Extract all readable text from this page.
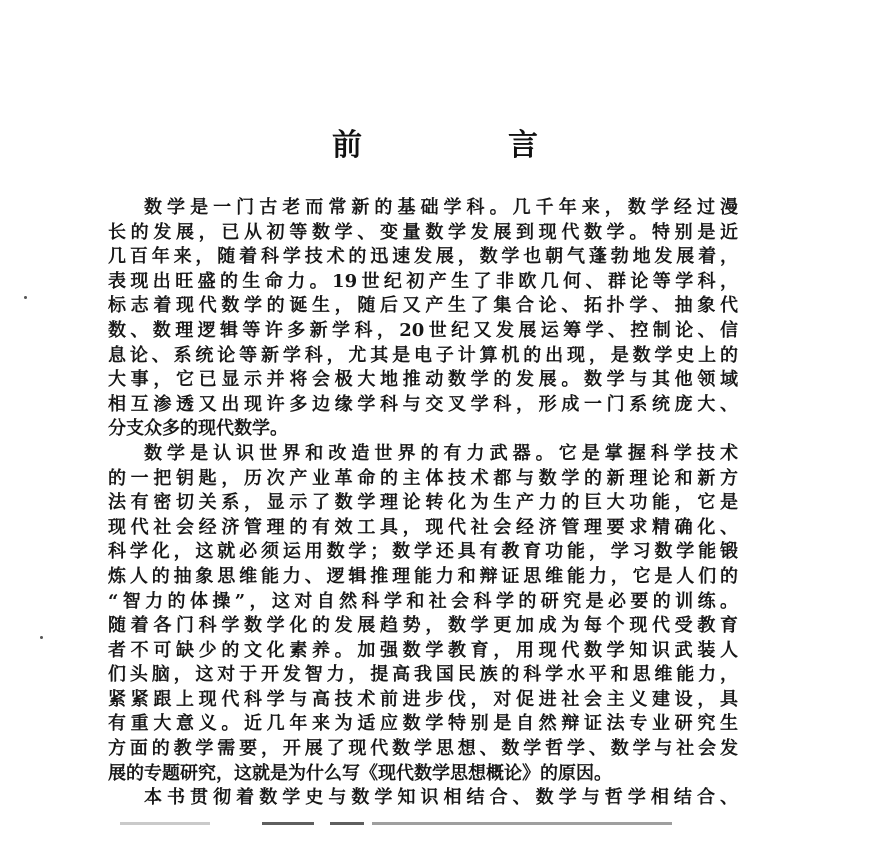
前　言
数学是一门古老而常新的基础学科。几千年来，数学经过漫
长的发展，已从初等数学、变量数学发展到现代数学。特别是近
几百年来，随着科学技术的迅速发展，数学也朝气蓬勃地发展着，
表现出旺盛的生命力。19世纪初产生了非欧几何、群论等学科，
标志着现代数学的诞生，随后又产生了集合论、拓扑学、抽象代
数、数理逻辑等许多新学科，20世纪又发展运筹学、控制论、信
息论、系统论等新学科，尤其是电子计算机的出现，是数学史上的
大事，它已显示并将会极大地推动数学的发展。数学与其他领域
相互渗透又出现许多边缘学科与交叉学科，形成一门系统庞大、
分支众多的现代数学。
数学是认识世界和改造世界的有力武器。它是掌握科学技术
的一把钥匙，历次产业革命的主体技术都与数学的新理论和新方
法有密切关系，显示了数学理论转化为生产力的巨大功能，它是
现代社会经济管理的有效工具，现代社会经济管理要求精确化、
科学化，这就必须运用数学；数学还具有教育功能，学习数学能锻
炼人的抽象思维能力、逻辑推理能力和辩证思维能力，它是人们的
“智力的体操”，这对自然科学和社会科学的研究是必要的训练。
随着各门科学数学化的发展趋势，数学更加成为每个现代受教育
者不可缺少的文化素养。加强数学教育，用现代数学知识武装人
们头脑，这对于开发智力，提高我国民族的科学水平和思维能力，
紧紧跟上现代科学与高技术前进步伐，对促进社会主义建设，具
有重大意义。近几年来为适应数学特别是自然辩证法专业研究生
方面的教学需要，开展了现代数学思想、数学哲学、数学与社会发
展的专题研究，这就是为什么写《现代数学思想概论》的原因。
本书贯彻着数学史与数学知识相结合、数学与哲学相结合、
